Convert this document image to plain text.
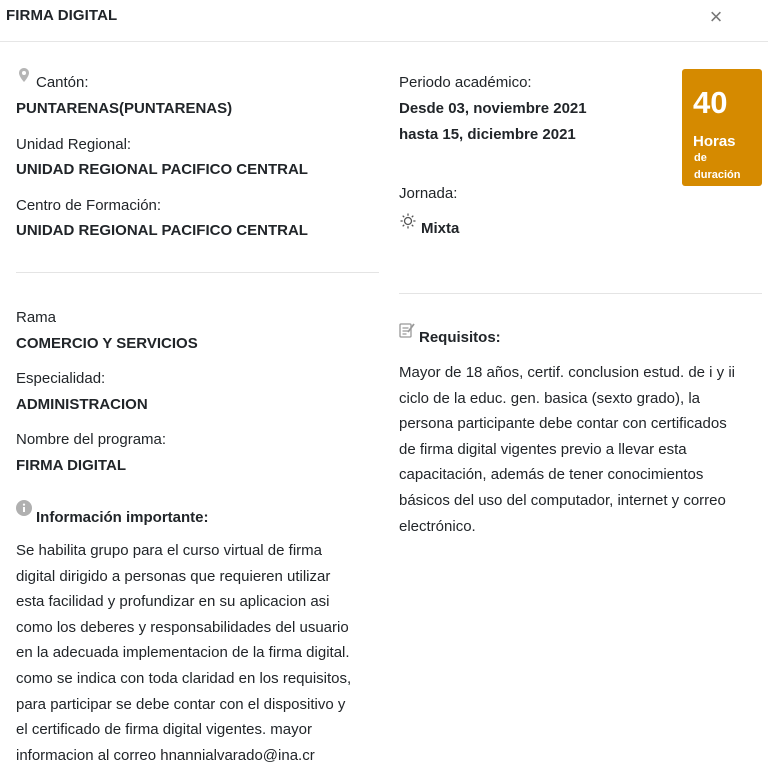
FIRMA DIGITAL	×
Cantón:
PUNTARENAS(PUNTARENAS)
Unidad Regional:
UNIDAD REGIONAL PACIFICO CENTRAL
Centro de Formación:
UNIDAD REGIONAL PACIFICO CENTRAL
Rama
COMERCIO Y SERVICIOS
Especialidad:
ADMINISTRACION
Nombre del programa:
FIRMA DIGITAL
Información importante:
Se habilita grupo para el curso virtual de firma
digital dirigido a personas que requieren utilizar
esta facilidad y profundizar en su aplicacion asi
como los deberes y responsabilidades del usuario
en la adecuada implementacion de la firma digital.
como se indica con toda claridad en los requisitos,
para participar se debe contar con el dispositivo y
el certificado de firma digital vigentes. mayor
informacion al correo hnannialvarado@ina.cr
Periodo académico:
Desde 03, noviembre 2021
hasta 15, diciembre 2021
Jornada:
Mixta
Requisitos:
Mayor de 18 años, certif. conclusion estud. de i y ii
ciclo de la educ. gen. basica (sexto grado), la
persona participante debe contar con certificados
de firma digital vigentes previo a llevar esta
capacitación, además de tener conocimientos
básicos del uso del computador, internet y correo
electrónico.
40
Horas
de
duración
